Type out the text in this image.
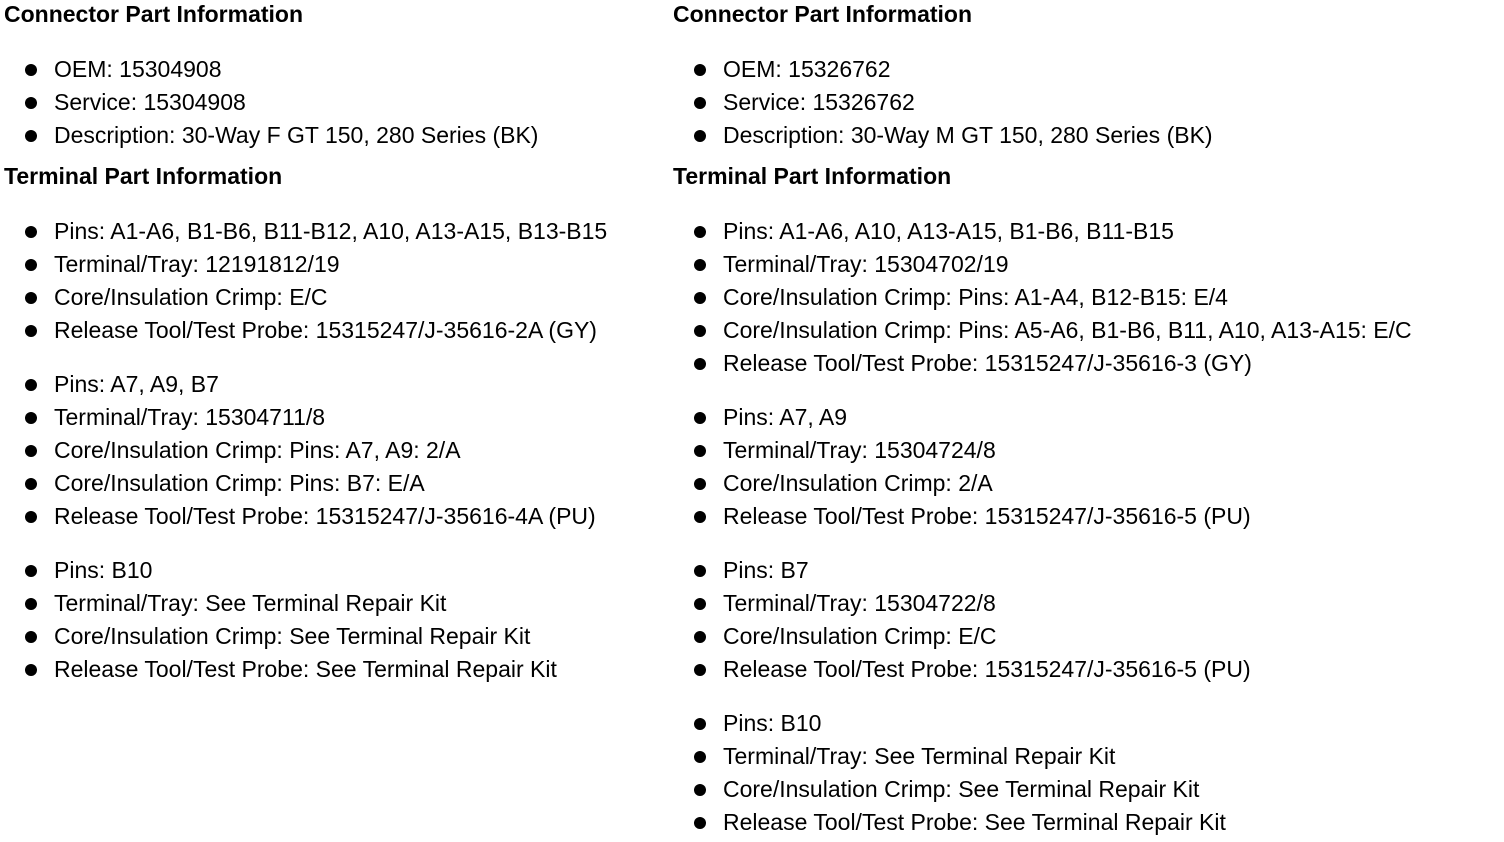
Connector Part Information
OEM: 15304908
Service: 15304908
Description: 30-Way F GT 150, 280 Series (BK)
Terminal Part Information
Pins: A1-A6, B1-B6, B11-B12, A10, A13-A15, B13-B15
Terminal/Tray: 12191812/19
Core/Insulation Crimp: E/C
Release Tool/Test Probe: 15315247/J-35616-2A (GY)
Pins: A7, A9, B7
Terminal/Tray: 15304711/8
Core/Insulation Crimp: Pins: A7, A9: 2/A
Core/Insulation Crimp: Pins: B7: E/A
Release Tool/Test Probe: 15315247/J-35616-4A (PU)
Pins: B10
Terminal/Tray: See Terminal Repair Kit
Core/Insulation Crimp: See Terminal Repair Kit
Release Tool/Test Probe: See Terminal Repair Kit
Connector Part Information
OEM: 15326762
Service: 15326762
Description: 30-Way M GT 150, 280 Series (BK)
Terminal Part Information
Pins: A1-A6, A10, A13-A15, B1-B6, B11-B15
Terminal/Tray: 15304702/19
Core/Insulation Crimp: Pins: A1-A4, B12-B15: E/4
Core/Insulation Crimp: Pins: A5-A6, B1-B6, B11, A10, A13-A15: E/C
Release Tool/Test Probe: 15315247/J-35616-3 (GY)
Pins: A7, A9
Terminal/Tray: 15304724/8
Core/Insulation Crimp: 2/A
Release Tool/Test Probe: 15315247/J-35616-5 (PU)
Pins: B7
Terminal/Tray: 15304722/8
Core/Insulation Crimp: E/C
Release Tool/Test Probe: 15315247/J-35616-5 (PU)
Pins: B10
Terminal/Tray: See Terminal Repair Kit
Core/Insulation Crimp: See Terminal Repair Kit
Release Tool/Test Probe: See Terminal Repair Kit
